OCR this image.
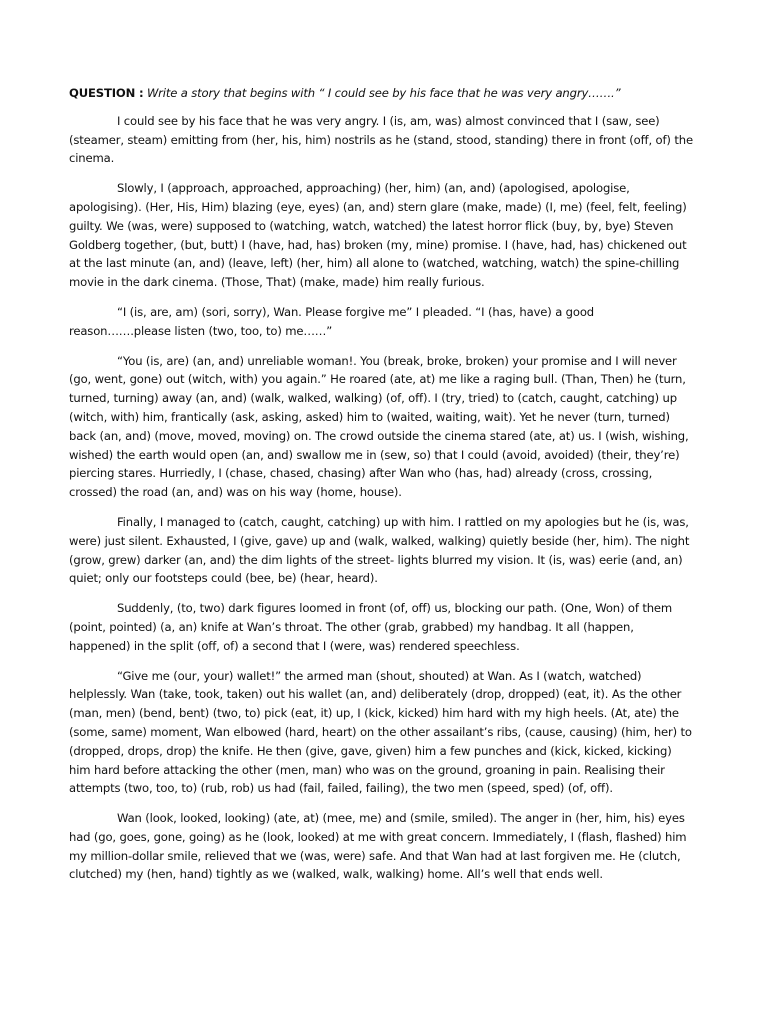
QUESTION : Write a story that begins with “ I could see by his face that he was very angry…….”

I could see by his face that he was very angry. I (is, am, was) almost convinced that I (saw, see) (steamer, steam) emitting from (her, his, him) nostrils as he (stand, stood, standing) there in front (off, of) the cinema.

Slowly, I (approach, approached, approaching) (her, him) (an, and) (apologised, apologise, apologising). (Her, His, Him) blazing (eye, eyes) (an, and) stern glare (make, made) (I, me) (feel, felt, feeling) guilty. We (was, were) supposed to (watching, watch, watched) the latest horror flick (buy, by, bye) Steven Goldberg together, (but, butt) I (have, had, has) broken (my, mine) promise. I (have, had, has) chickened out at the last minute (an, and) (leave, left) (her, him) all alone to (watched, watching, watch) the spine-chilling movie in the dark cinema. (Those, That) (make, made) him really furious.

“I (is, are, am) (sori, sorry), Wan. Please forgive me” I pleaded. “I (has, have) a good reason…….please listen (two, too, to) me……”

“You (is, are) (an, and) unreliable woman!. You (break, broke, broken) your promise and I will never (go, went, gone) out (witch, with) you again.” He roared (ate, at) me like a raging bull. (Than, Then) he (turn, turned, turning) away (an, and) (walk, walked, walking) (of, off). I (try, tried) to (catch, caught, catching) up (witch, with) him, frantically (ask, asking, asked) him to (waited, waiting, wait). Yet he never (turn, turned) back (an, and) (move, moved, moving) on. The crowd outside the cinema stared (ate, at) us. I (wish, wishing, wished) the earth would open (an, and) swallow me in (sew, so) that I could (avoid, avoided) (their, they’re) piercing stares. Hurriedly, I (chase, chased, chasing) after Wan who (has, had) already (cross, crossing, crossed) the road (an, and) was on his way (home, house).

Finally, I managed to (catch, caught, catching) up with him. I rattled on my apologies but he (is, was, were) just silent. Exhausted, I (give, gave) up and (walk, walked, walking) quietly beside (her, him). The night (grow, grew) darker (an, and) the dim lights of the street- lights blurred my vision. It (is, was) eerie (and, an) quiet; only our footsteps could (bee, be) (hear, heard).

Suddenly, (to, two) dark figures loomed in front (of, off) us, blocking our path. (One, Won) of them (point, pointed) (a, an) knife at Wan’s throat. The other (grab, grabbed) my handbag. It all (happen, happened) in the split (off, of) a second that I (were, was) rendered speechless.

“Give me (our, your) wallet!” the armed man (shout, shouted) at Wan. As I (watch, watched) helplessly. Wan (take, took, taken) out his wallet (an, and) deliberately (drop, dropped) (eat, it). As the other (man, men) (bend, bent) (two, to) pick (eat, it) up, I (kick, kicked) him hard with my high heels. (At, ate) the (some, same) moment, Wan elbowed (hard, heart) on the other assailant’s ribs, (cause, causing) (him, her) to (dropped, drops, drop) the knife. He then (give, gave, given) him a few punches and (kick, kicked, kicking) him hard before attacking the other (men, man) who was on the ground, groaning in pain. Realising their attempts (two, too, to) (rub, rob) us had (fail, failed, failing), the two men (speed, sped) (of, off).

Wan (look, looked, looking) (ate, at) (mee, me) and (smile, smiled). The anger in (her, him, his) eyes had (go, goes, gone, going) as he (look, looked) at me with great concern. Immediately, I (flash, flashed) him my million-dollar smile, relieved that we (was, were) safe. And that Wan had at last forgiven me. He (clutch, clutched) my (hen, hand) tightly as we (walked, walk, walking) home. All’s well that ends well.
